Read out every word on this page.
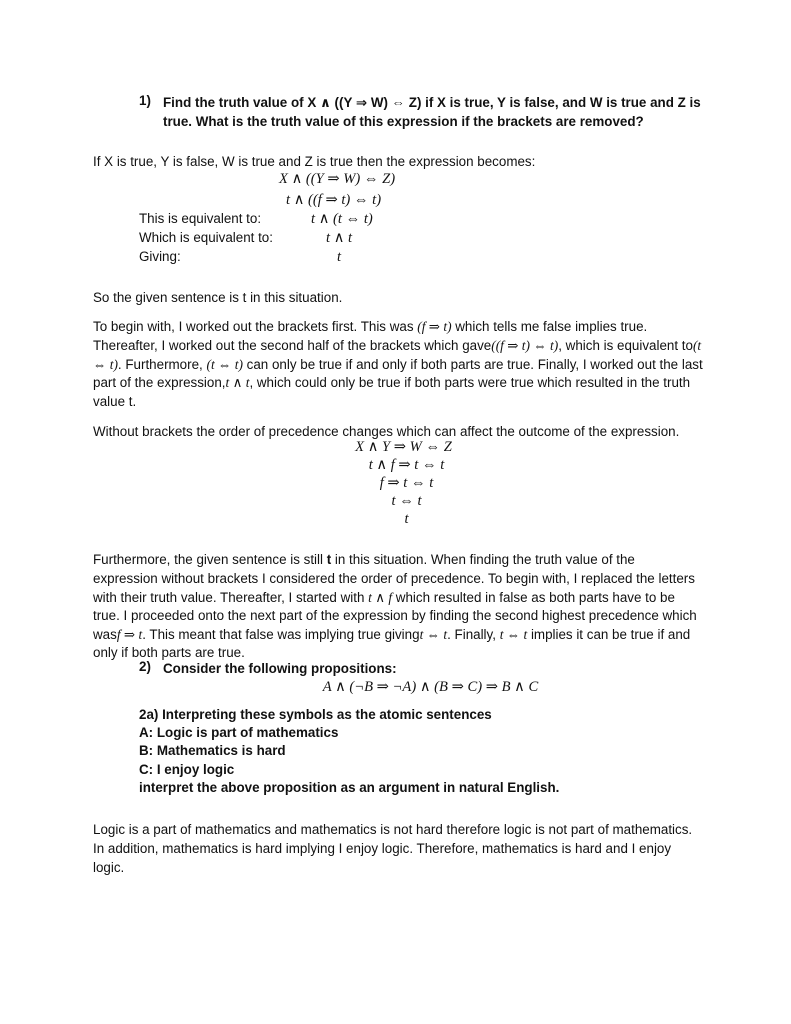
1) Find the truth value of X ∧ ((Y ⇒ W) ⇔ Z) if X is true, Y is false, and W is true and Z is true. What is the truth value of this expression if the brackets are removed?

If X is true, Y is false, W is true and Z is true then the expression becomes:

X ∧ ((Y ⇒ W) ⇔ Z)
t ∧ ((f ⇒ t) ⇔ t)
This is equivalent to:	t ∧ (t ⇔ t)
Which is equivalent to:	t ∧ t
Giving:	t

So the given sentence is t in this situation.

To begin with, I worked out the brackets first. This was (f ⇒ t) which tells me false implies true. Thereafter, I worked out the second half of the brackets which gave((f ⇒ t) ⇔ t), which is equivalent to(t ⇔ t). Furthermore, (t ⇔ t) can only be true if and only if both parts are true. Finally, I worked out the last part of the expression,t ∧ t, which could only be true if both parts were true which resulted in the truth value t.

Without brackets the order of precedence changes which can affect the outcome of the expression.

X ∧ Y ⇒ W ⇔ Z
t ∧ f ⇒ t ⇔ t
f ⇒ t ⇔ t
t ⇔ t
t

Furthermore, the given sentence is still t in this situation. When finding the truth value of the expression without brackets I considered the order of precedence. To begin with, I replaced the letters with their truth value. Thereafter, I started with t ∧ f which resulted in false as both parts have to be true. I proceeded onto the next part of the expression by finding the second highest precedence which wasf ⇒ t. This meant that false was implying true givingt ⇔ t. Finally, t ⇔ t implies it can be true if and only if both parts are true.

2) Consider the following propositions:
A ∧ (¬B ⇒ ¬A) ∧ (B ⇒ C) ⇒ B ∧ C
2a) Interpreting these symbols as the atomic sentences
A: Logic is part of mathematics
B: Mathematics is hard
C: I enjoy logic
interpret the above proposition as an argument in natural English.

Logic is a part of mathematics and mathematics is not hard therefore logic is not part of mathematics. In addition, mathematics is hard implying I enjoy logic. Therefore, mathematics is hard and I enjoy logic.
